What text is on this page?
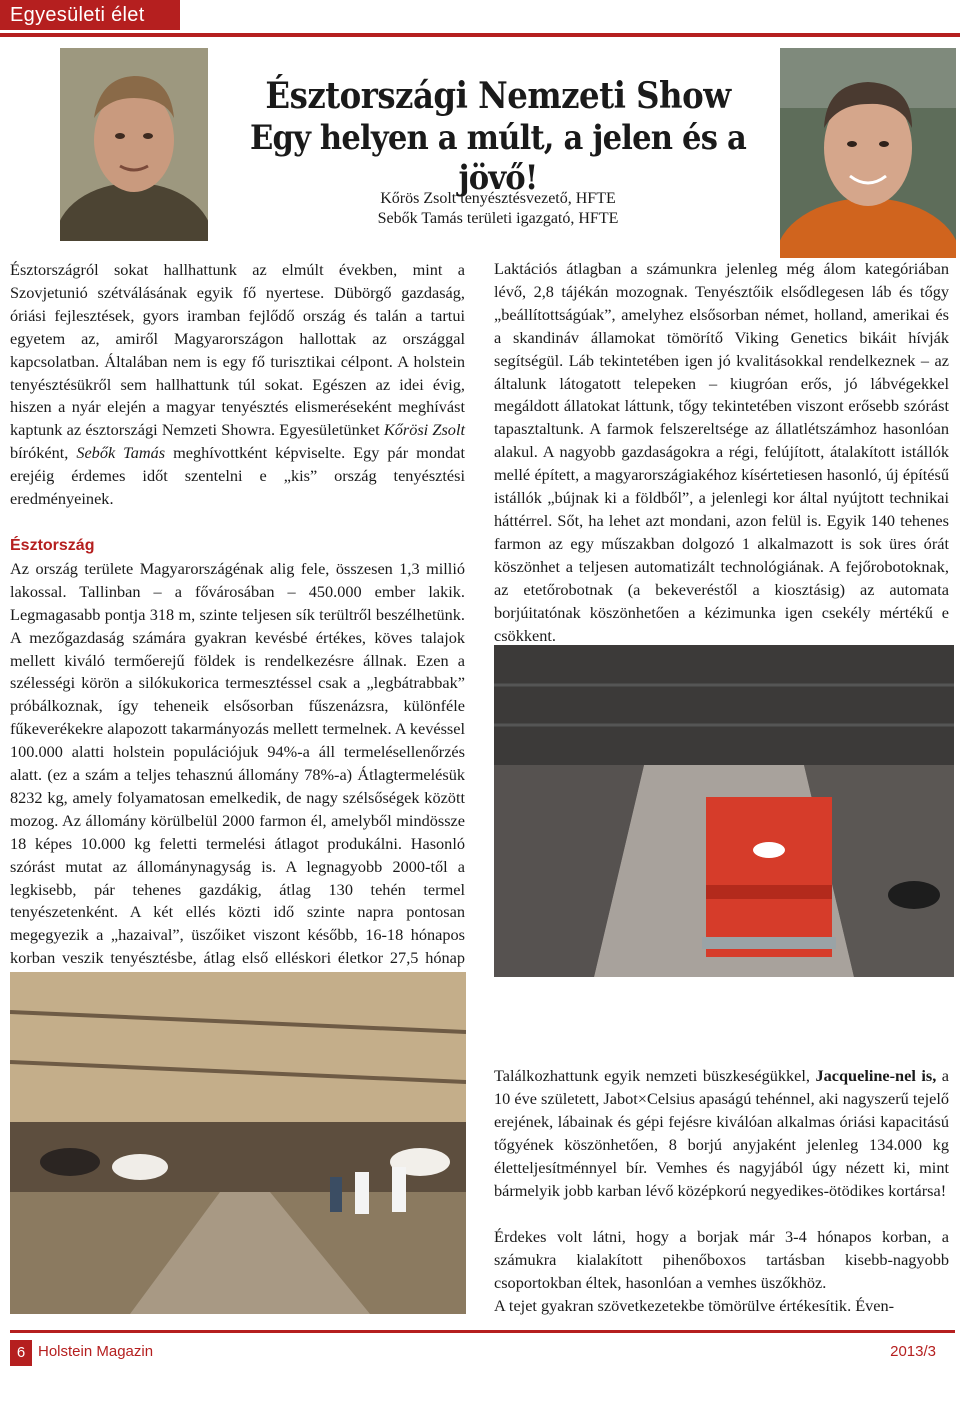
Egyesületi élet
Észtországi Nemzeti Show
Egy helyen a múlt, a jelen és a jövő!
Kőrös Zsolt tenyésztésvezető, HFTE
Sebők Tamás területi igazgató, HFTE

Észtországról sokat hallhattunk az elmúlt években, mint a Szovjetunió szétválásának egyik fő nyertese. Dübörgő gazdaság, óriási fejlesztések, gyors iramban fejlődő ország és talán a tartui egyetem az, amiről Magyarországon hallottak az országgal kapcsolatban. Általában nem is egy fő turisztikai célpont. A holstein tenyésztésükről sem hallhattunk túl sokat. Egészen az idei évig, hiszen a nyár elején a magyar tenyésztés elismeréseként meghívást kaptunk az észtországi Nemzeti Showra. Egyesületünket Kőrösi Zsolt bíróként, Sebők Tamás meghívottként képviselte. Egy pár mondat erejéig érdemes időt szentelni e „kis” ország tenyésztési eredményeinek.

Észtország

Az ország területe Magyarországénak alig fele, összesen 1,3 millió lakossal. Tallinban – a fővárosában – 450.000 ember lakik. Legmagasabb pontja 318 m, szinte teljesen sík terültről beszélhetünk. A mezőgazdaság számára gyakran kevésbé értékes, köves talajok mellett kiváló termőerejű földek is rendelkezésre állnak. Ezen a szélességi körön a silókukorica termesztéssel csak a „legbátrabbak” próbálkoznak, így teheneik elsősorban fűszenázsra, különféle fűkeverékekre alapozott takarmányozás mellett termelnek. A kevéssel 100.000 alatti holstein populációjuk 94%-a áll termelésellenőrzés alatt. (ez a szám a teljes tehasznú állomány 78%-a) Átlagtermelésük 8232 kg, amely folyamatosan emelkedik, de nagy szélsőségek között mozog. Az állomány körülbelül 2000 farmon él, amelyből mindössze 18 képes 10.000 kg feletti termelési átlagot produkálni. Hasonló szórást mutat az állománynagyság is. A legnagyobb 2000-től a legkisebb, pár tehenes gazdákig, átlag 130 tehén termel tenyészetenként. A két ellés közti idő szinte napra pontosan megegyezik a „hazaival”, üszőiket viszont később, 16-18 hónapos korban veszik tenyésztésbe, átlag első elléskori életkor 27,5 hónap

Laktációs átlagban a számunkra jelenleg még álom kategóriában lévő, 2,8 tájékán mozognak. Tenyésztőik elsődlegesen láb és tőgy „beállítottságúak”, amelyhez elsősorban német, holland, amerikai és a skandináv államokat tömörítő Viking Genetics bikáit hívják segítségül. Láb tekintetében igen jó kvalitásokkal rendelkeznek – az általunk látogatott telepeken – kiugróan erős, jó lábvégekkel megáldott állatokat láttunk, tőgy tekintetében viszont erősebb szórást tapasztaltunk. A farmok felszereltsége az állatlétszámhoz hasonlóan alakul. A nagyobb gazdaságokra a régi, felújított, átalakított istállók mellé épített, a magyarországiakéhoz kísértetiesen hasonló, új építésű istállók „bújnak ki a földből”, a jelenlegi kor által nyújtott technikai háttérrel. Sőt, ha lehet azt mondani, azon felül is. Egyik 140 tehenes farmon az egy műszakban dolgozó 1 alkalmazott is sok üres órát köszönhet a teljesen automatizált technológiának. A fejőrobotoknak, az etetőrobotnak (a bekeveréstől a kiosztásig) az automata borjúitatónak köszönhetően a kézimunka igen csekély mértékű e csökkent.

Találkozhattunk egyik nemzeti büszkeségükkel, Jacqueline-nel is, a 10 éve született, Jabot×Celsius apaságú tehénnel, aki nagyszerű tejelő erejének, lábainak és gépi fejésre kiválóan alkalmas óriási kapacitású tőgyének köszönhetően, 8 borjú anyjaként jelenleg 134.000 kg életteljesítménnyel bír. Vemhes és nagyjából úgy nézett ki, mint bármelyik jobb karban lévő középkorú negyedikes-ötödikes kortársa!

Érdekes volt látni, hogy a borjak már 3-4 hónapos korban, a számukra kialakított pihenőboxos tartásban kisebb-nagyobb csoportokban éltek, hasonlóan a vemhes üszőkhöz.

A tejet gyakran szövetkezetekbe tömörülve értékesítik. Éven-

6 Holstein Magazin	2013/3
